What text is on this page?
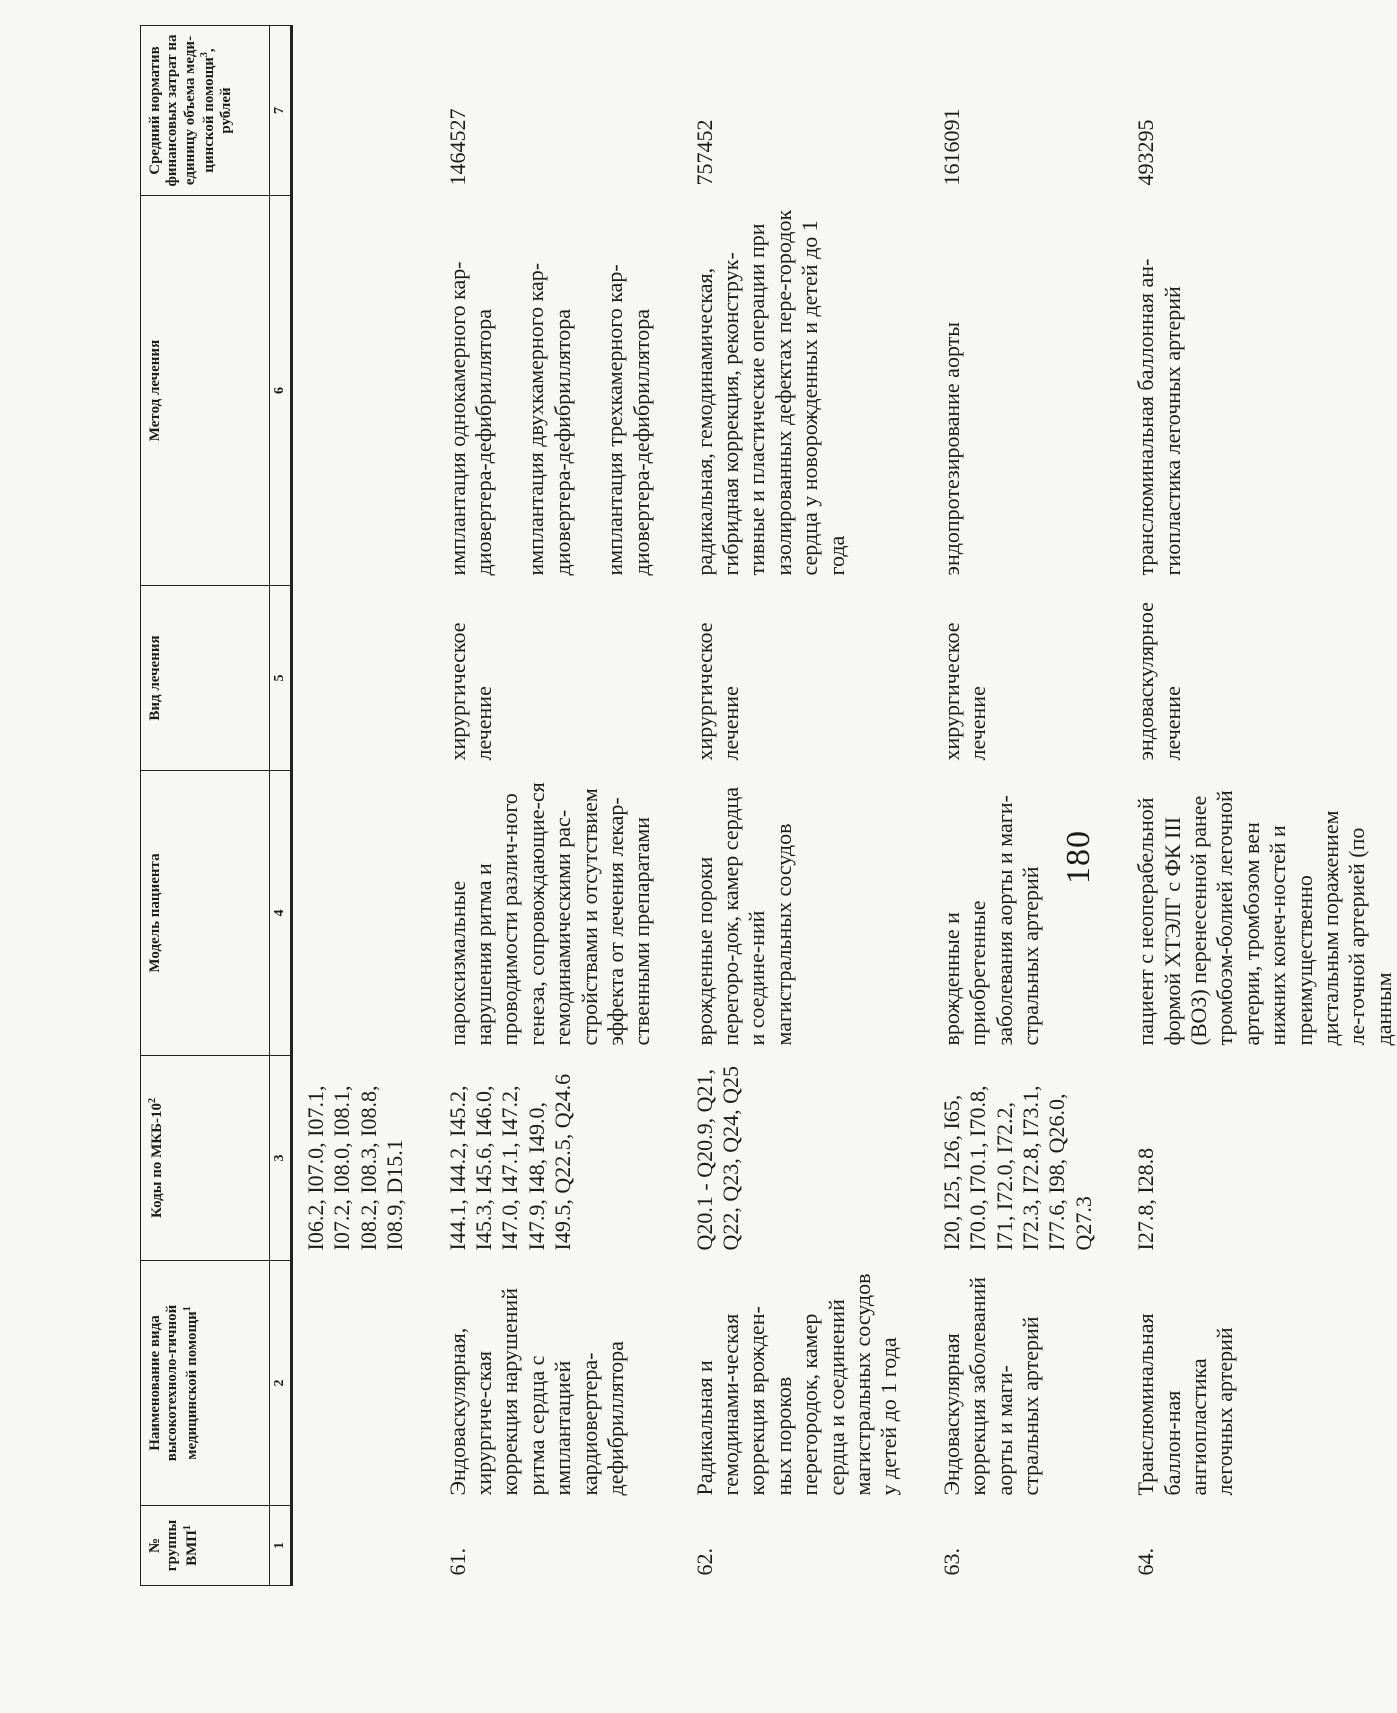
180
№ группы ВМП$^1$	Наименование вида высокотехноло-гичной медицинской помощи$^1$	Коды по МКБ-$10^2$	Модель пациента	Вид лечения	Метод лечения	Средний норматив финансовых затрат на единицу объема меди-цинской помощи$^3$, рублей
1	2	3	4	5	6	7
		I06.2, I07.0, I07.1, I07.2, I08.0, I08.1, I08.2, I08.3, I08.8, I08.9, D15.1				
61.	Эндоваскулярная, хирургиче-ская коррекция нарушений ритма сердца с имплантацией кардиовертера-дефибриллятора	I44.1, I44.2, I45.2, I45.3, I45.6, I46.0, I47.0, I47.1, I47.2, I47.9, I48, I49.0, I49.5, Q22.5, Q24.6	пароксизмальные нарушения ритма и проводимости различ-ного генеза, сопровождающие-ся гемодинамическими рас-стройствами и отсутствием эффекта от лечения лекар-ственными препаратами	хирургическое лечение	имплантация однокамерного кар-диовертера-дефибриллятора имплантация двухкамерного кар-диовертера-дефибриллятора имплантация трехкамерного кар-диовертера-дефибриллятора	1464527
62.	Радикальная и гемодинами-ческая коррекция врожден-ных пороков перегородок, камер сердца и соединений магистральных сосудов у детей до 1 года	Q20.1 - Q20.9, Q21, Q22, Q23, Q24, Q25	врожденные пороки перегоро-док, камер сердца и соедине-ний магистральных сосудов	хирургическое лечение	радикальная, гемодинамическая, гибридная коррекция, реконструк-тивные и пластические операции при изолированных дефектах пере-городок сердца у новорожденных и детей до 1 года	757452
63.	Эндоваскулярная коррекция заболеваний аорты и маги-стральных артерий	I20, I25, I26, I65, I70.0, I70.1, I70.8, I71, I72.0, I72.2, I72.3, I72.8, I73.1, I77.6, I98, Q26.0, Q27.3	врожденные и приобретенные заболевания аорты и маги-стральных артерий	хирургическое лечение	эндопротезирование аорты	1616091
64.	Транслюминальная баллон-ная ангиопластика легочных артерий	I27.8, I28.8	пациент с неоперабельной формой ХТЭЛГ с ФК III (ВОЗ) перенесенной ранее тромбоэм-болией легочной артерии, тромбозом вен нижних конеч-ностей и преимущественно дистальным поражением ле-гочной артерией (по данным	эндоваскулярное лечение	транслюминальная баллонная ан-гиопластика легочных артерий	493295
